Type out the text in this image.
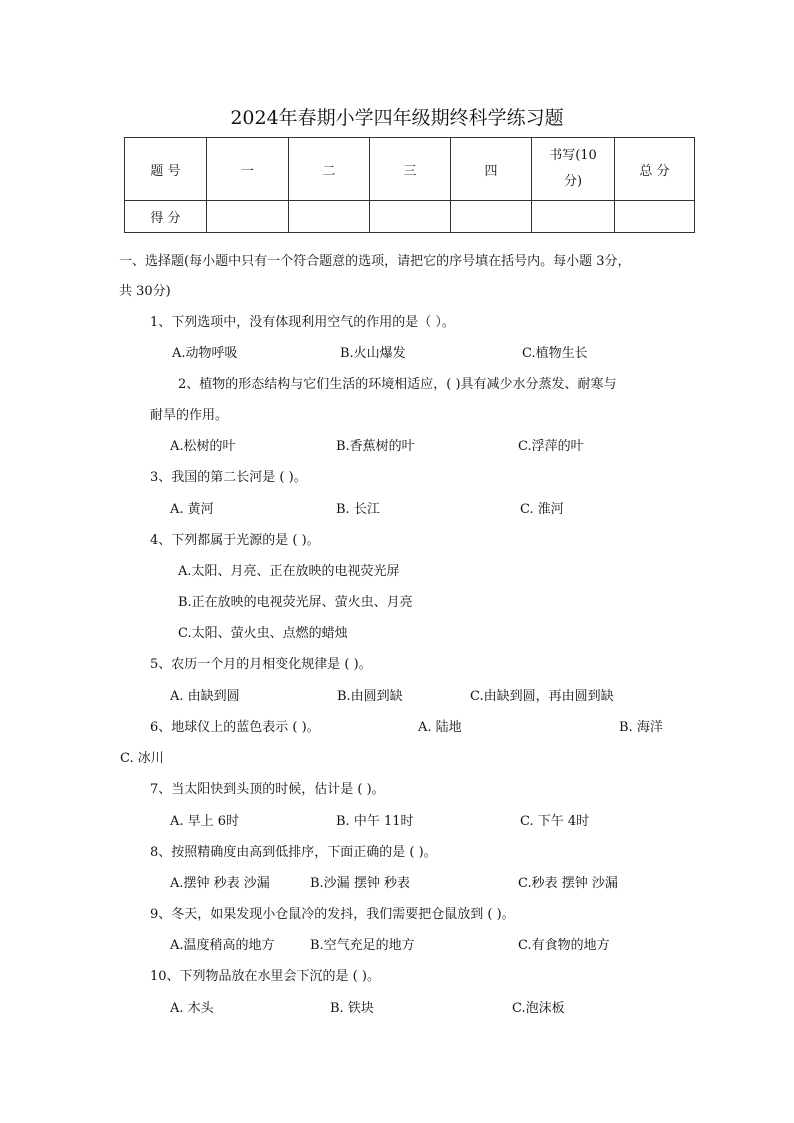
2024年春期小学四年级期终科学练习题
题 号	一	二	三	四	书写(10分)	总 分
得 分						
一、选择题(每小题中只有一个符合题意的选项，请把它的序号填在括号内。每小题 3分，
共 30分)
1、下列选项中，没有体现利用空气的作用的是（ ）。
A.动物呼吸	B.火山爆发	C.植物生长
2、植物的形态结构与它们生活的环境相适应，( )具有减少水分蒸发、耐寒与
耐旱的作用。
A.松树的叶	B.香蕉树的叶	C.浮萍的叶
3、我国的第二长河是 ( )。
A. 黄河	B. 长江	C. 淮河
4、下列都属于光源的是 ( )。
A.太阳、月亮、正在放映的电视荧光屏
B.正在放映的电视荧光屏、萤火虫、月亮
C.太阳、萤火虫、点燃的蜡烛
5、农历一个月的月相变化规律是 ( )。
A. 由缺到圆	B.由圆到缺	C.由缺到圆，再由圆到缺
6、地球仪上的蓝色表示 ( )。	A. 陆地	B. 海洋
C. 冰川
7、当太阳快到头顶的时候，估计是 ( )。
A. 早上 6时	B. 中午 11时	C. 下午 4时
8、按照精确度由高到低排序，下面正确的是 ( )。
A.摆钟 秒表 沙漏	B.沙漏 摆钟 秒表	C.秒表 摆钟 沙漏
9、冬天，如果发现小仓鼠冷的发抖，我们需要把仓鼠放到 ( )。
A.温度稍高的地方	B.空气充足的地方	C.有食物的地方
10、下列物品放在水里会下沉的是 ( )。
A. 木头	B. 铁块	C.泡沫板
